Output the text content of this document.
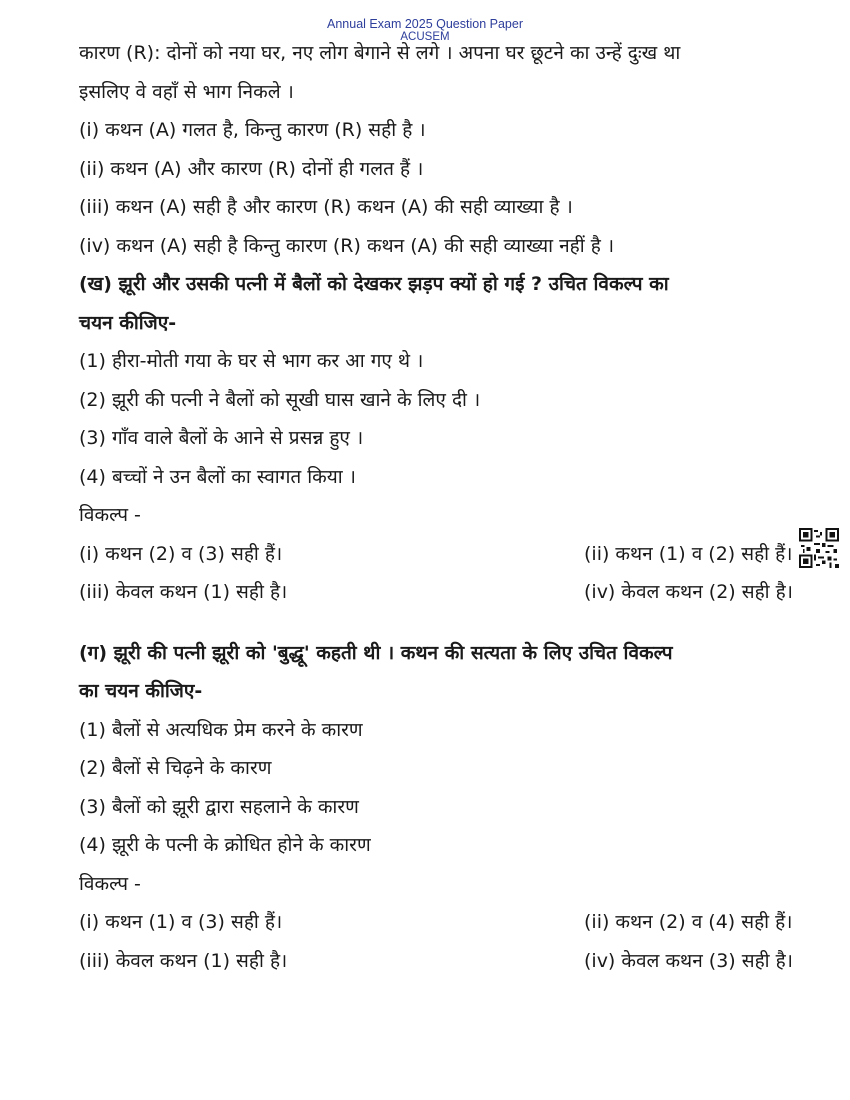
Annual Exam 2025 Question Paper
ACUSEM
कारण (R): दोनों को नया घर, नए लोग बेगाने से लगे । अपना घर छूटने का उन्हें दुःख था
इसलिए वे वहाँ से भाग निकले ।
(i) कथन (A) गलत है, किन्तु कारण (R) सही है ।
(ii) कथन (A) और कारण (R) दोनों ही गलत हैं ।
(iii) कथन (A) सही है और कारण (R) कथन (A) की सही व्याख्या है ।
(iv) कथन (A) सही है किन्तु कारण (R) कथन (A) की सही व्याख्या नहीं है ।
(ख) झूरी और उसकी पत्नी में बैलों को देखकर झड़प क्यों हो गई ? उचित विकल्प का
चयन कीजिए-
(1) हीरा-मोती गया के घर से भाग कर आ गए थे ।
(2) झूरी की पत्नी ने बैलों को सूखी घास खाने के लिए दी ।
(3) गाँव वाले बैलों के आने से प्रसन्न हुए ।
(4) बच्चों ने उन बैलों का स्वागत किया ।
विकल्प -
(i) कथन (2) व (3) सही हैं।	(ii) कथन (1) व (2) सही हैं।
(iii) केवल कथन (1) सही है।	(iv) केवल कथन (2) सही है।
(ग) झूरी की पत्नी झूरी को 'बुद्धू' कहती थी । कथन की सत्यता के लिए उचित विकल्प
का चयन कीजिए-
(1) बैलों से अत्यधिक प्रेम करने के कारण
(2) बैलों से चिढ़ने के कारण
(3) बैलों को झूरी द्वारा सहलाने के कारण
(4) झूरी के पत्नी के क्रोधित होने के कारण
विकल्प -
(i) कथन (1) व (3) सही हैं।	(ii) कथन (2) व (4) सही हैं।
(iii) केवल कथन (1) सही है।	(iv) केवल कथन (3) सही है।
